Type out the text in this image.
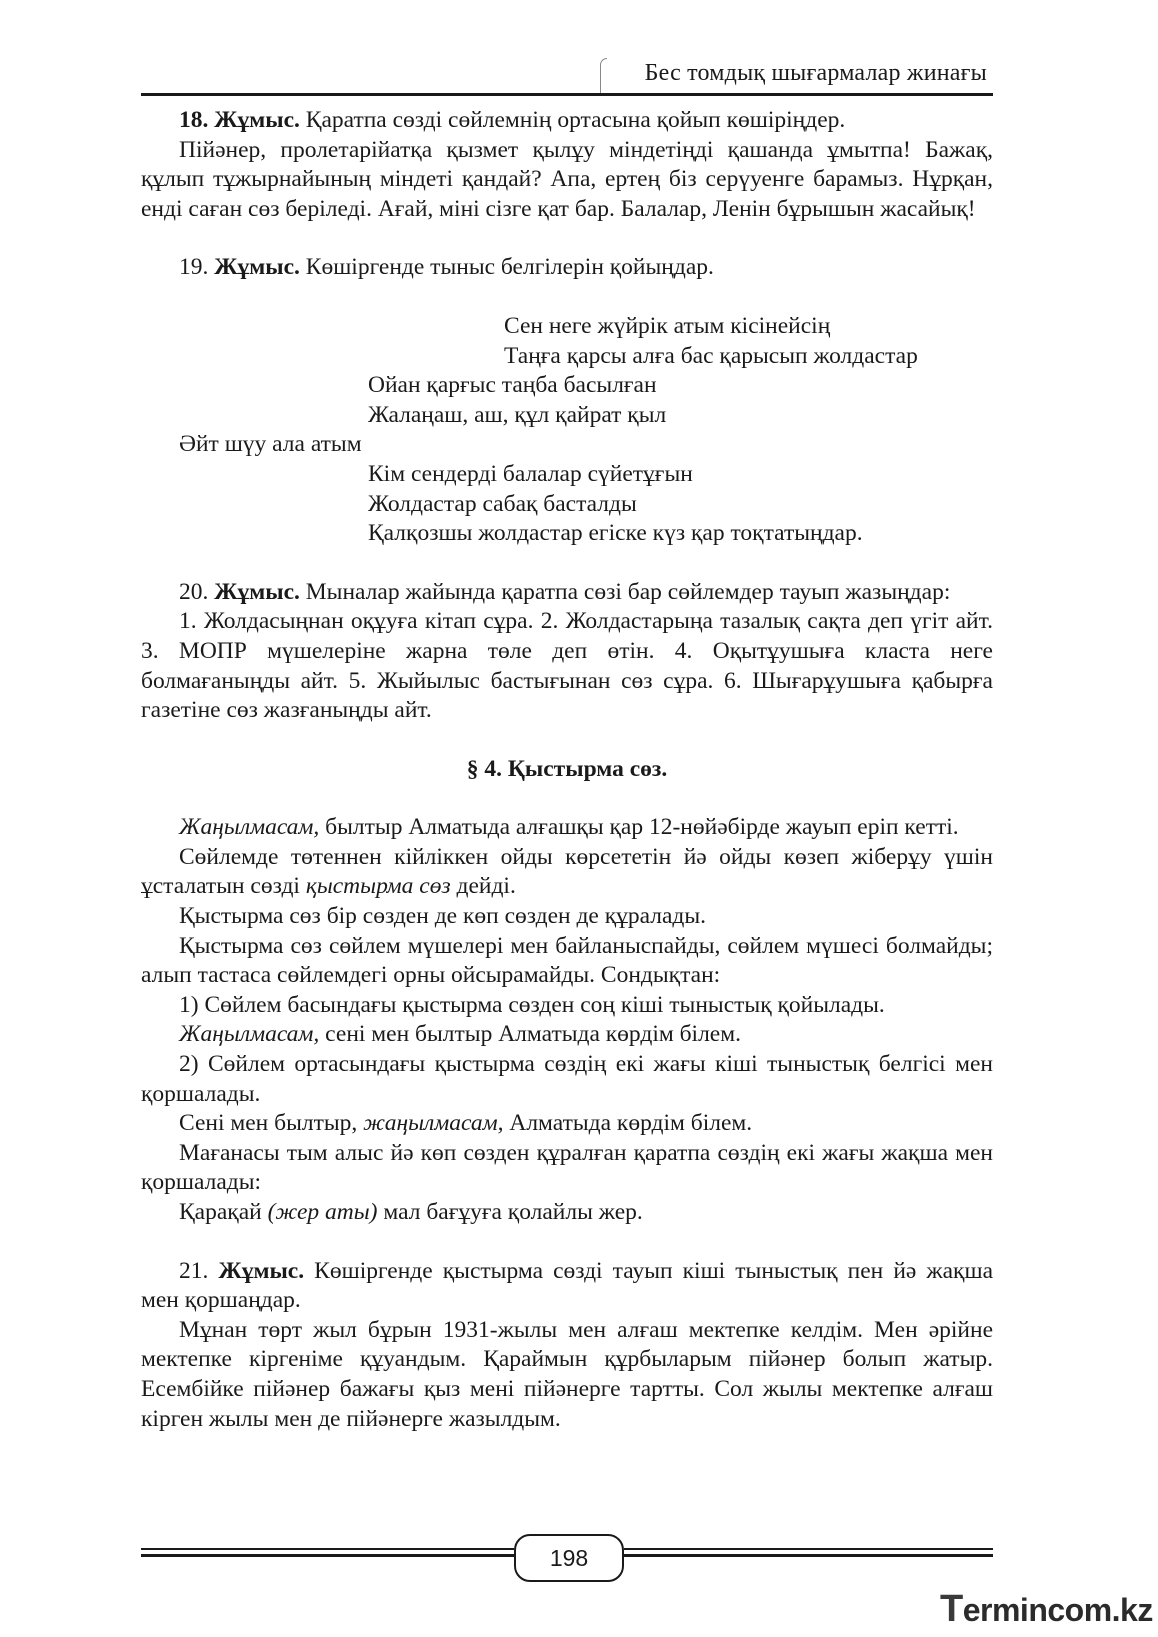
Бес томдық шығармалар жинағы

18. Жұмыс. Қаратпа сөзді сөйлемнің ортасына қойып көшіріңдер.

Пійәнер, пролетарійатқа қызмет қылұу міндетіңді қашанда ұмытпа! Бажақ, құлып тұжырнайының міндеті қандай? Апа, ертең біз серүуенге барамыз. Нұрқан, енді саған сөз беріледі. Ағай, міні сізге қат бар. Балалар, Ленін бұрышын жасайық!

19. Жұмыс. Көшіргенде тыныс белгілерін қойыңдар.

Сен неге жүйрік атым кісінейсің
Таңға қарсы алға бас қарысып жолдастар
Ойан қарғыс таңба басылған
Жалаңаш, аш, құл қайрат қыл
Әйт шүу ала атым
Кім сендерді балалар сүйетұғын
Жолдастар сабақ басталды
Қалқозшы жолдастар егіске күз қар тоқтатыңдар.

20. Жұмыс. Мыналар жайында қаратпа сөзі бар сөйлемдер тауып жазыңдар:

1. Жолдасыңнан оқұуға кітап сұра. 2. Жолдастарыңа тазалық сақта деп үгіт айт. 3. МОПР мүшелеріне жарна төле деп өтін. 4. Оқытұушыға класта неге болмағаныңды айт. 5. Жыйылыс бастығынан сөз сұра. 6. Шығарұушыға қабырға газетіне сөз жазғаныңды айт.

§ 4. Қыстырма сөз.

Жаңылмасам, былтыр Алматыда алғашқы қар 12-нөйәбірде жауып еріп кетті.

Сөйлемде төтеннен кійліккен ойды көрсететін йә ойды көзеп жіберұу үшін ұсталатын сөзді қыстырма сөз дейді.

Қыстырма сөз бір сөзден де көп сөзден де құралады.

Қыстырма сөз сөйлем мүшелері мен байланыспайды, сөйлем мүшесі болмайды; алып тастаса сөйлемдегі орны ойсырамайды. Сондықтан:

1) Сөйлем басындағы қыстырма сөзден соң кіші тыныстық қойылады.

Жаңылмасам, сені мен былтыр Алматыда көрдім білем.

2) Сөйлем ортасындағы қыстырма сөздің екі жағы кіші тыныстық белгісі мен қоршалады.

Сені мен былтыр, жаңылмасам, Алматыда көрдім білем.

Мағанасы тым алыс йә көп сөзден құралған қаратпа сөздің екі жағы жақша мен қоршалады:

Қарақай (жер аты) мал бағұуға қолайлы жер.

21. Жұмыс. Көшіргенде қыстырма сөзді тауып кіші тыныстық пен йә жақша мен қоршаңдар.

Мұнан төрт жыл бұрын 1931-жылы мен алғаш мектепке келдім. Мен әрійне мектепке кіргеніме құуандым. Қараймын құрбыларым пійәнер болып жатыр. Есембійке пійәнер бажағы қыз мені пійәнерге тартты. Сол жылы мектепке алғаш кірген жылы мен де пійәнерге жазылдым.

198
Termincom.kz
